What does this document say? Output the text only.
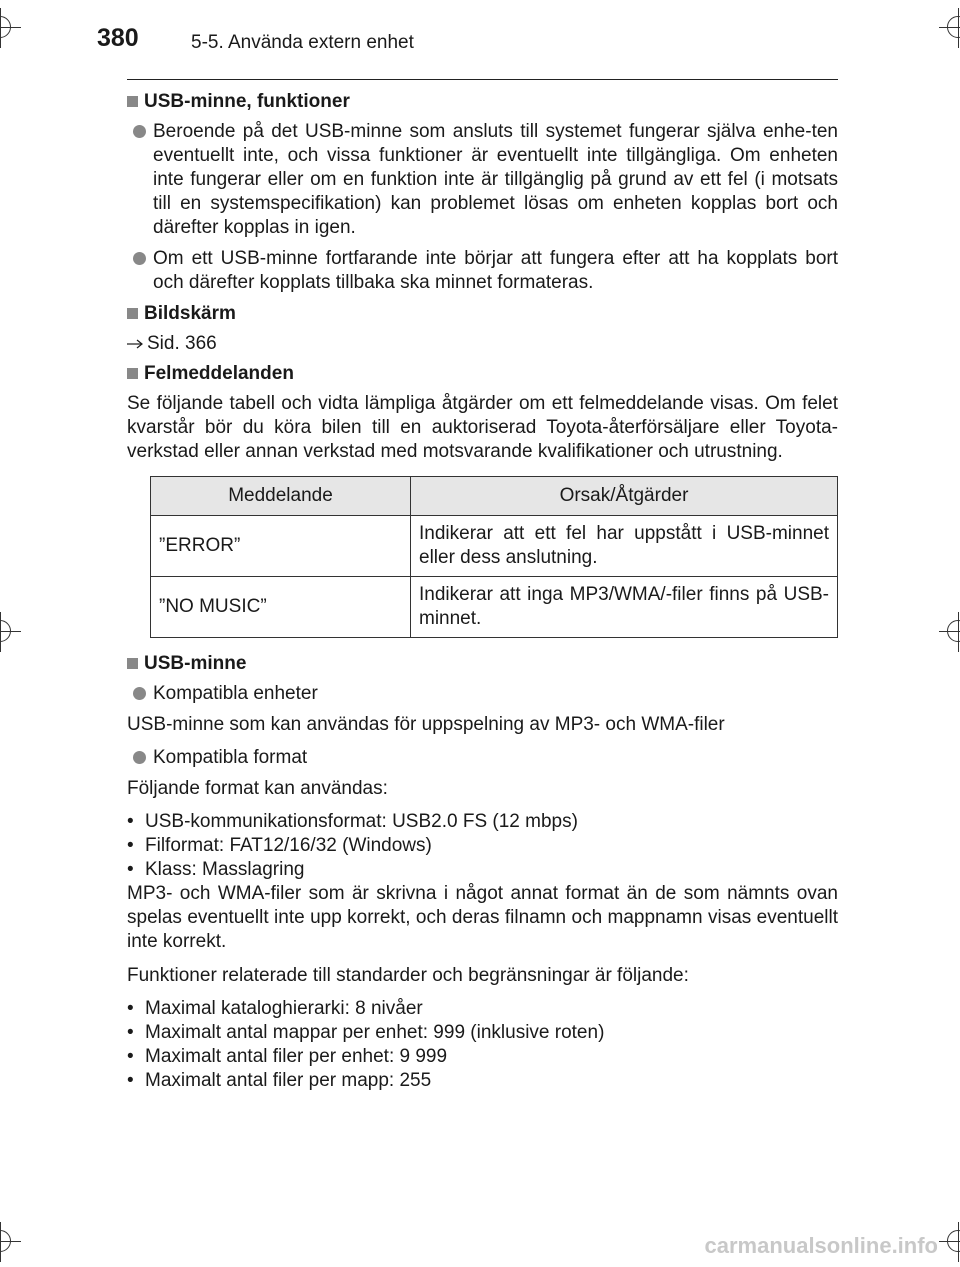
380	5-5. Använda extern enhet
USB-minne, funktioner
Beroende på det USB-minne som ansluts till systemet fungerar själva enhe-ten eventuellt inte, och vissa funktioner är eventuellt inte tillgängliga. Om enheten inte fungerar eller om en funktion inte är tillgänglig på grund av ett fel (i motsats till en systemspecifikation) kan problemet lösas om enheten kopplas bort och därefter kopplas in igen.
Om ett USB-minne fortfarande inte börjar att fungera efter att ha kopplats bort och därefter kopplats tillbaka ska minnet formateras.
Bildskärm
Sid. 366
Felmeddelanden
Se följande tabell och vidta lämpliga åtgärder om ett felmeddelande visas. Om felet kvarstår bör du köra bilen till en auktoriserad Toyota-återförsäljare eller Toyota-verkstad eller annan verkstad med motsvarande kvalifikationer och utrustning.
Meddelande	Orsak/Åtgärder
”ERROR”	Indikerar att ett fel har uppstått i USB-minnet eller dess anslutning.
”NO MUSIC”	Indikerar att inga MP3/WMA/-filer finns på USB-minnet.
USB-minne
Kompatibla enheter
USB-minne som kan användas för uppspelning av MP3- och WMA-filer
Kompatibla format
Följande format kan användas:
• USB-kommunikationsformat: USB2.0 FS (12 mbps)
• Filformat: FAT12/16/32 (Windows)
• Klass: Masslagring
MP3- och WMA-filer som är skrivna i något annat format än de som nämnts ovan spelas eventuellt inte upp korrekt, och deras filnamn och mappnamn visas eventuellt inte korrekt.
Funktioner relaterade till standarder och begränsningar är följande:
• Maximal kataloghierarki: 8 nivåer
• Maximalt antal mappar per enhet: 999 (inklusive roten)
• Maximalt antal filer per enhet: 9 999
• Maximalt antal filer per mapp: 255
carmanualsonline.info
